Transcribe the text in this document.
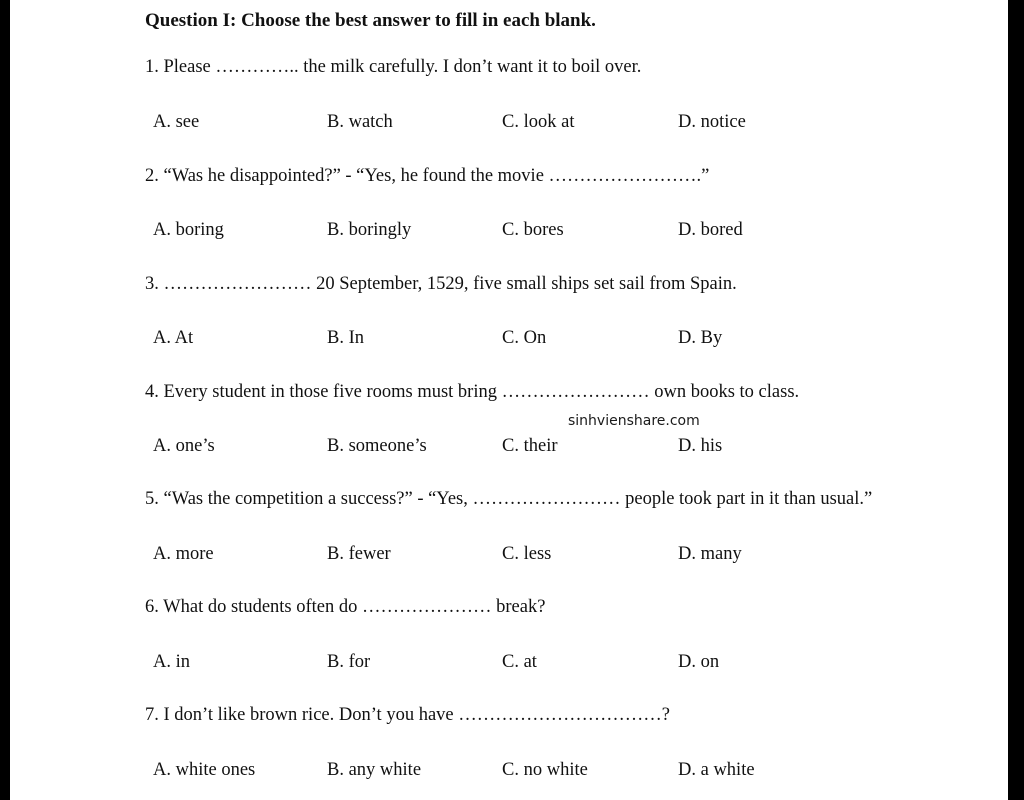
Question I: Choose the best answer to fill in each blank.
1. Please ………….. the milk carefully. I don’t want it to boil over.
A. see	B. watch	C. look at	D. notice
2. “Was he disappointed?” - “Yes, he found the movie …………………….”
A. boring	B. boringly	C. bores	D. bored
3. …………………… 20 September, 1529, five small ships set sail from Spain.
A. At	B. In	C. On	D. By
4. Every student in those five rooms must bring …………………… own books to class.
sinhvienshare.com
A. one’s	B. someone’s	C. their	D. his
5. “Was the competition a success?” - “Yes, …………………… people took part in it than usual.”
A. more	B. fewer	C. less	D. many
6. What do students often do ………………… break?
A. in	B. for	C. at	D. on
7. I don’t like brown rice. Don’t you have ……………………………?
A. white ones	B. any white	C. no white	D. a white
